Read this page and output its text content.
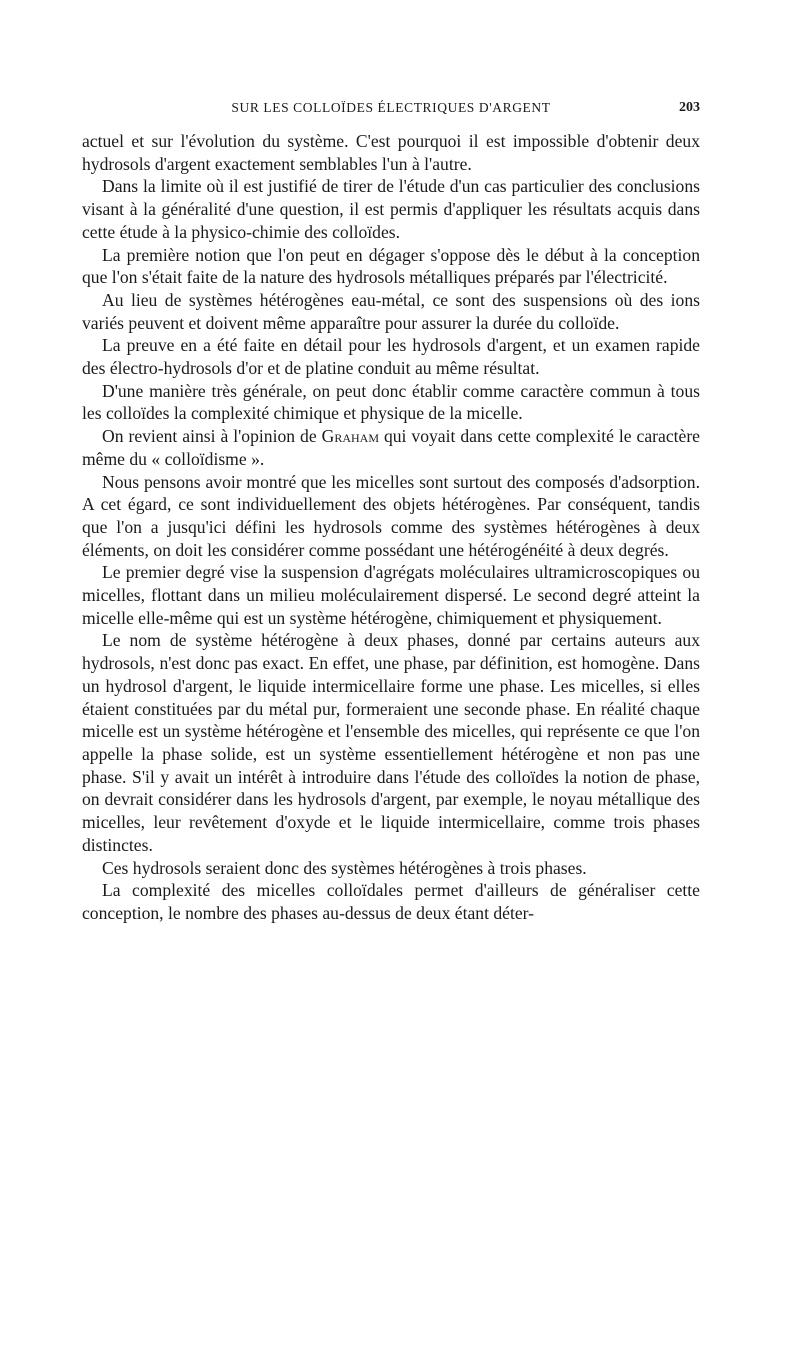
SUR LES COLLOÏDES ÉLECTRIQUES D'ARGENT	203

actuel et sur l'évolution du système. C'est pourquoi il est impossible d'obtenir deux hydrosols d'argent exactement semblables l'un à l'autre.

Dans la limite où il est justifié de tirer de l'étude d'un cas particulier des conclusions visant à la généralité d'une question, il est permis d'appliquer les résultats acquis dans cette étude à la physico-chimie des colloïdes.

La première notion que l'on peut en dégager s'oppose dès le début à la conception que l'on s'était faite de la nature des hydrosols métalliques préparés par l'électricité.

Au lieu de systèmes hétérogènes eau-métal, ce sont des suspensions où des ions variés peuvent et doivent même apparaître pour assurer la durée du colloïde.

La preuve en a été faite en détail pour les hydrosols d'argent, et un examen rapide des électro-hydrosols d'or et de platine conduit au même résultat.

D'une manière très générale, on peut donc établir comme caractère commun à tous les colloïdes la complexité chimique et physique de la micelle.

On revient ainsi à l'opinion de Graham qui voyait dans cette complexité le caractère même du « colloïdisme ».

Nous pensons avoir montré que les micelles sont surtout des composés d'adsorption. A cet égard, ce sont individuellement des objets hétérogènes. Par conséquent, tandis que l'on a jusqu'ici défini les hydrosols comme des systèmes hétérogènes à deux éléments, on doit les considérer comme possédant une hétérogénéité à deux degrés.

Le premier degré vise la suspension d'agrégats moléculaires ultramicroscopiques ou micelles, flottant dans un milieu moléculairement dispersé. Le second degré atteint la micelle elle-même qui est un système hétérogène, chimiquement et physiquement.

Le nom de système hétérogène à deux phases, donné par certains auteurs aux hydrosols, n'est donc pas exact. En effet, une phase, par définition, est homogène. Dans un hydrosol d'argent, le liquide intermicellaire forme une phase. Les micelles, si elles étaient constituées par du métal pur, formeraient une seconde phase. En réalité chaque micelle est un système hétérogène et l'ensemble des micelles, qui représente ce que l'on appelle la phase solide, est un système essentiellement hétérogène et non pas une phase. S'il y avait un intérêt à introduire dans l'étude des colloïdes la notion de phase, on devrait considérer dans les hydrosols d'argent, par exemple, le noyau métallique des micelles, leur revêtement d'oxyde et le liquide intermicellaire, comme trois phases distinctes.

Ces hydrosols seraient donc des systèmes hétérogènes à trois phases.

La complexité des micelles colloïdales permet d'ailleurs de généraliser cette conception, le nombre des phases au-dessus de deux étant déter-
